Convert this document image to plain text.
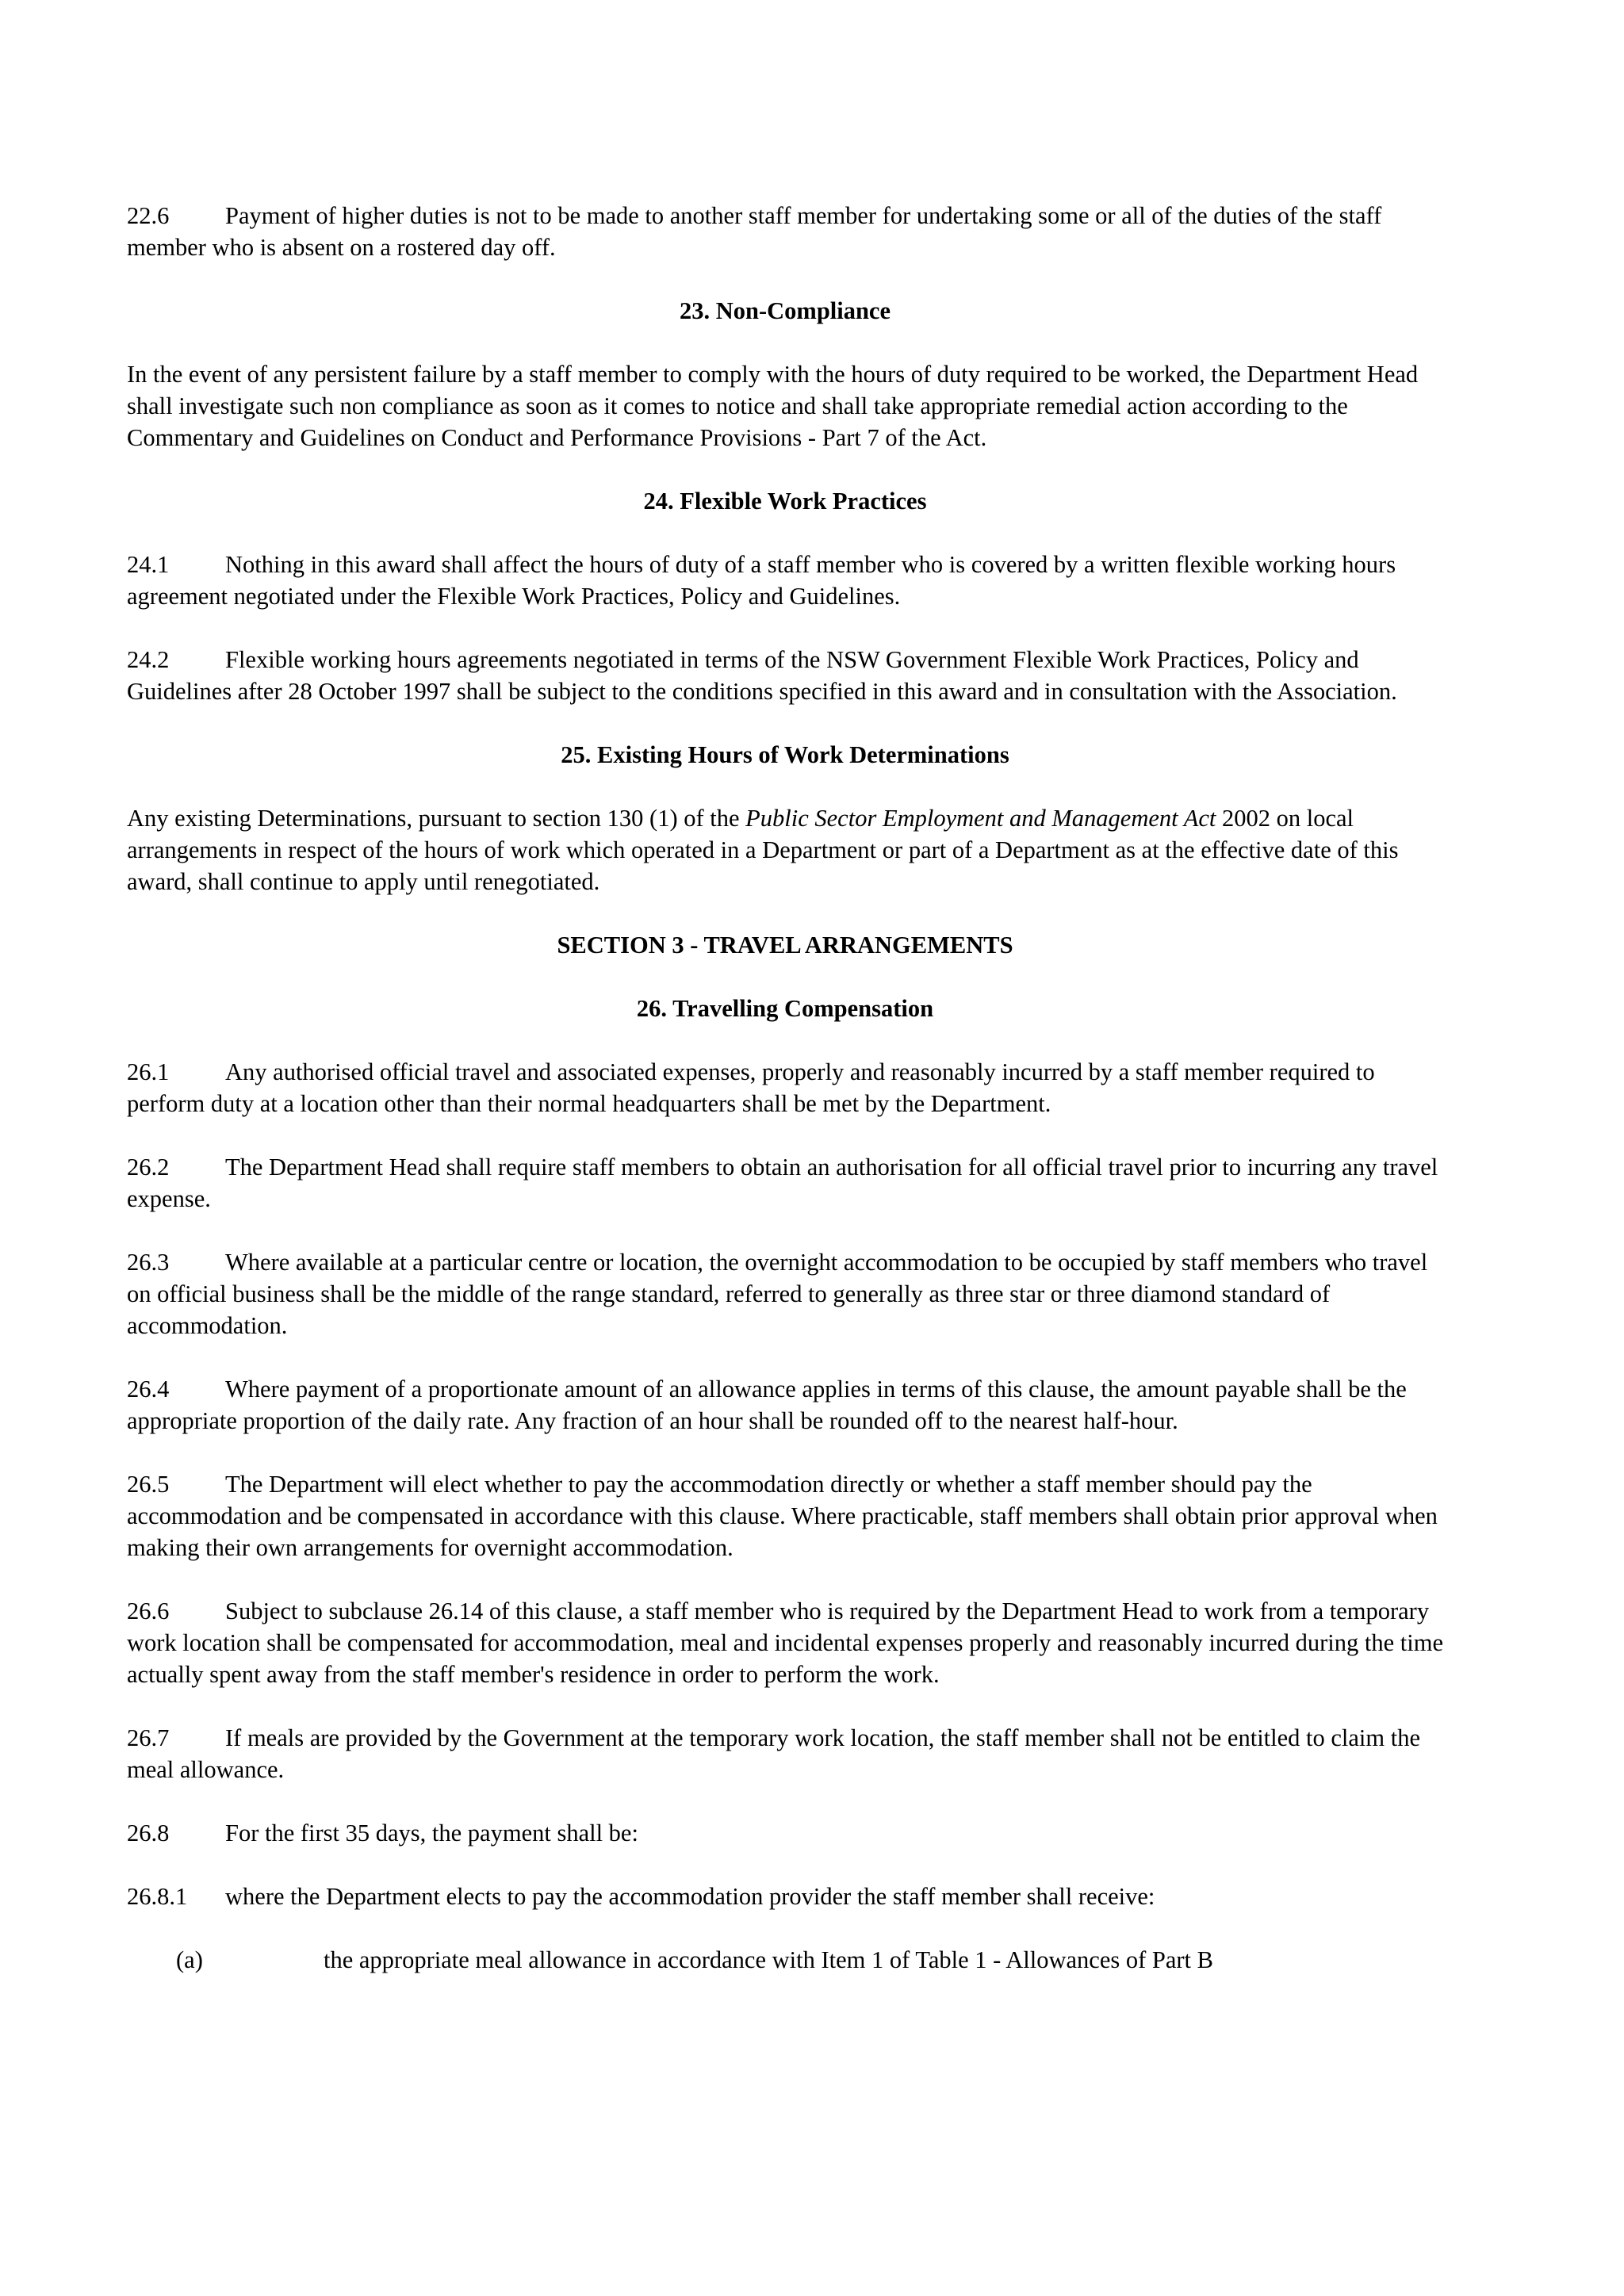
22.6 Payment of higher duties is not to be made to another staff member for undertaking some or all of the duties of the staff member who is absent on a rostered day off.

23. Non-Compliance

In the event of any persistent failure by a staff member to comply with the hours of duty required to be worked, the Department Head shall investigate such non compliance as soon as it comes to notice and shall take appropriate remedial action according to the Commentary and Guidelines on Conduct and Performance Provisions - Part 7 of the Act.

24. Flexible Work Practices

24.1 Nothing in this award shall affect the hours of duty of a staff member who is covered by a written flexible working hours agreement negotiated under the Flexible Work Practices, Policy and Guidelines.

24.2 Flexible working hours agreements negotiated in terms of the NSW Government Flexible Work Practices, Policy and Guidelines after 28 October 1997 shall be subject to the conditions specified in this award and in consultation with the Association.

25. Existing Hours of Work Determinations

Any existing Determinations, pursuant to section 130 (1) of the Public Sector Employment and Management Act 2002 on local arrangements in respect of the hours of work which operated in a Department or part of a Department as at the effective date of this award, shall continue to apply until renegotiated.

SECTION 3 - TRAVEL ARRANGEMENTS

26. Travelling Compensation

26.1 Any authorised official travel and associated expenses, properly and reasonably incurred by a staff member required to perform duty at a location other than their normal headquarters shall be met by the Department.

26.2 The Department Head shall require staff members to obtain an authorisation for all official travel prior to incurring any travel expense.

26.3 Where available at a particular centre or location, the overnight accommodation to be occupied by staff members who travel on official business shall be the middle of the range standard, referred to generally as three star or three diamond standard of accommodation.

26.4 Where payment of a proportionate amount of an allowance applies in terms of this clause, the amount payable shall be the appropriate proportion of the daily rate. Any fraction of an hour shall be rounded off to the nearest half-hour.

26.5 The Department will elect whether to pay the accommodation directly or whether a staff member should pay the accommodation and be compensated in accordance with this clause. Where practicable, staff members shall obtain prior approval when making their own arrangements for overnight accommodation.

26.6 Subject to subclause 26.14 of this clause, a staff member who is required by the Department Head to work from a temporary work location shall be compensated for accommodation, meal and incidental expenses properly and reasonably incurred during the time actually spent away from the staff member's residence in order to perform the work.

26.7 If meals are provided by the Government at the temporary work location, the staff member shall not be entitled to claim the meal allowance.

26.8 For the first 35 days, the payment shall be:

26.8.1 where the Department elects to pay the accommodation provider the staff member shall receive:

(a)	the appropriate meal allowance in accordance with Item 1 of Table 1 - Allowances of Part B
